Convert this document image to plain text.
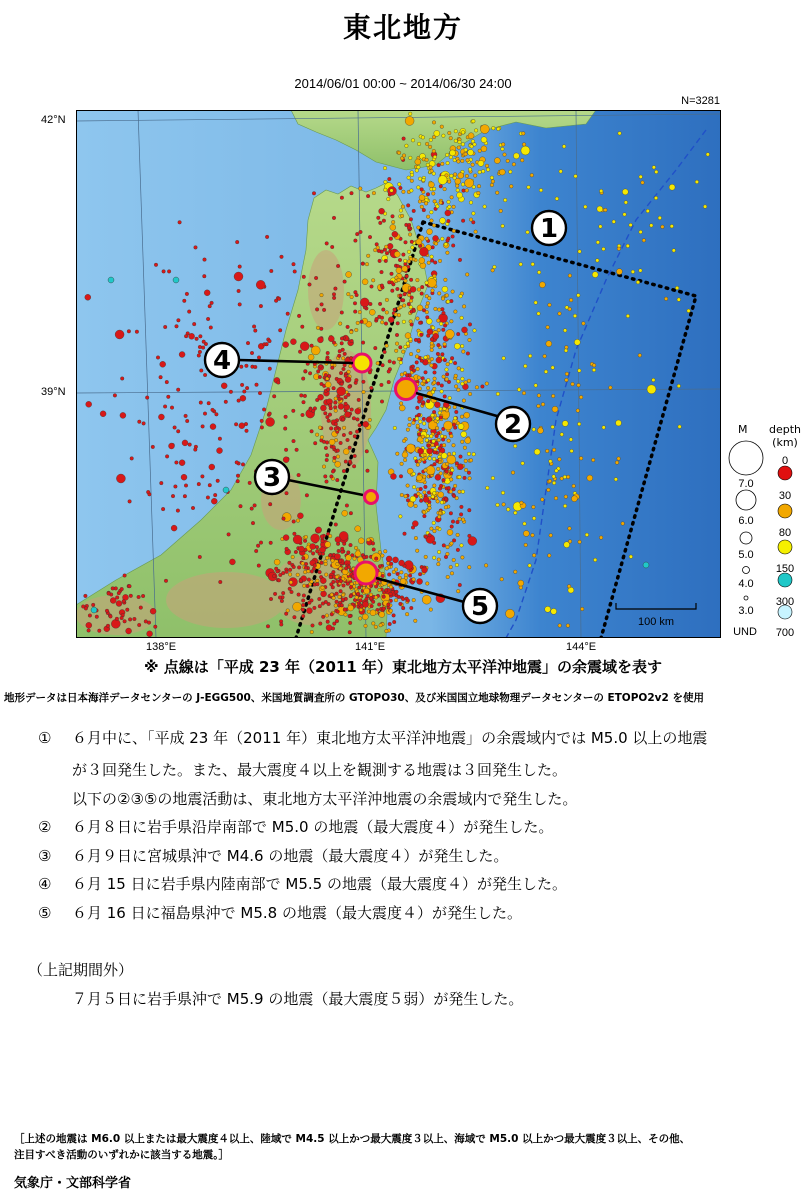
東北地方
2014/06/01 00:00 ~ 2014/06/30 24:00
N=3281
100 km
1
2
3
4
5
42°N
39°N
138°E	141°E	144°E
M depth
(km)
7.0
6.0
5.0
4.0
3.0
UND
0
30
80
150
300
700
※ 点線は「平成 23 年（2011 年）東北地方太平洋沖地震」の余震域を表す
地形データは日本海洋データセンターの J-EGG500、米国地質調査所の GTOPO30、及び米国国立地球物理データセンターの ETOPO2v2 を使用
① ６月中に、「平成 23 年（2011 年）東北地方太平洋沖地震」の余震域内では M5.0 以上の地震
が３回発生した。また、最大震度４以上を観測する地震は３回発生した。
以下の②③⑤の地震活動は、東北地方太平洋沖地震の余震域内で発生した。
② ６月８日に岩手県沿岸南部で M5.0 の地震（最大震度４）が発生した。
③ ６月９日に宮城県沖で M4.6 の地震（最大震度４）が発生した。
④ ６月 15 日に岩手県内陸南部で M5.5 の地震（最大震度４）が発生した。
⑤ ６月 16 日に福島県沖で M5.8 の地震（最大震度４）が発生した。
（上記期間外）
７月５日に岩手県沖で M5.9 の地震（最大震度５弱）が発生した。
［上述の地震は M6.0 以上または最大震度４以上、陸域で M4.5 以上かつ最大震度３以上、海域で M5.0 以上かつ最大震度３以上、その他、
注目すべき活動のいずれかに該当する地震。］
気象庁・文部科学省
